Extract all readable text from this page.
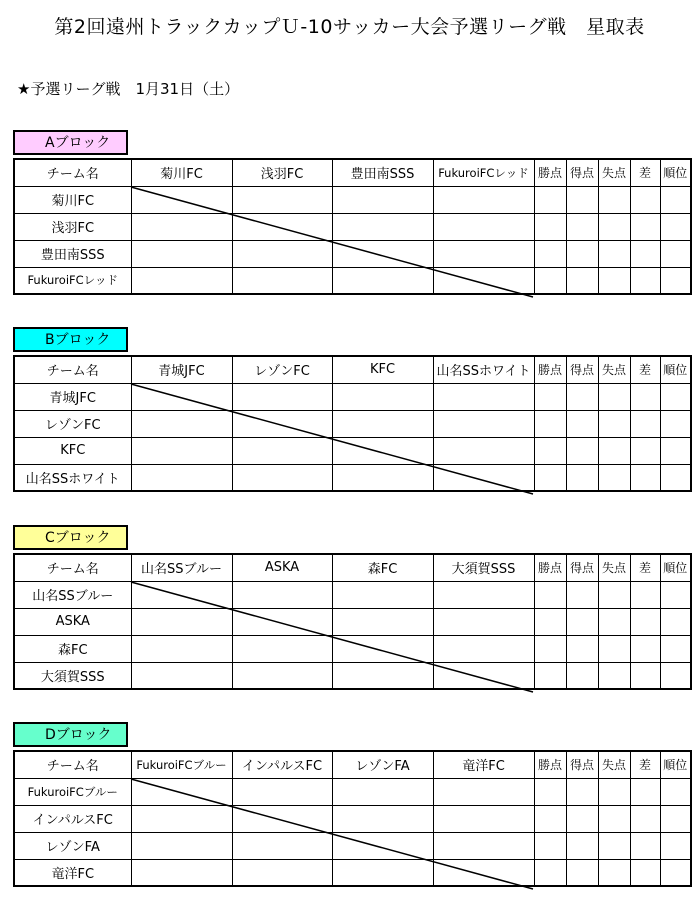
第2回遠州トラックカップＵ-10サッカー大会予選リーグ戦　星取表
★予選リーグ戦　1月31日（土）
Aブロック
チーム名	菊川FC	浅羽FC	豊田南SSS	FukuroiFCレッド	勝点	得点	失点	差	順位
菊川FC									
浅羽FC									
豊田南SSS									
FukuroiFCレッド									
Bブロック
チーム名	青城JFC	レゾンFC	KFC	山名SSホワイト	勝点	得点	失点	差	順位
青城JFC									
レゾンFC									
KFC									
山名SSホワイト									
Cブロック
チーム名	山名SSブルー	ASKA	森FC	大須賀SSS	勝点	得点	失点	差	順位
山名SSブルー									
ASKA									
森FC									
大須賀SSS									
Dブロック
チーム名	FukuroiFCブルー	インパルスFC	レゾンFA	竜洋FC	勝点	得点	失点	差	順位
FukuroiFCブルー									
インパルスFC									
レゾンFA									
竜洋FC									
